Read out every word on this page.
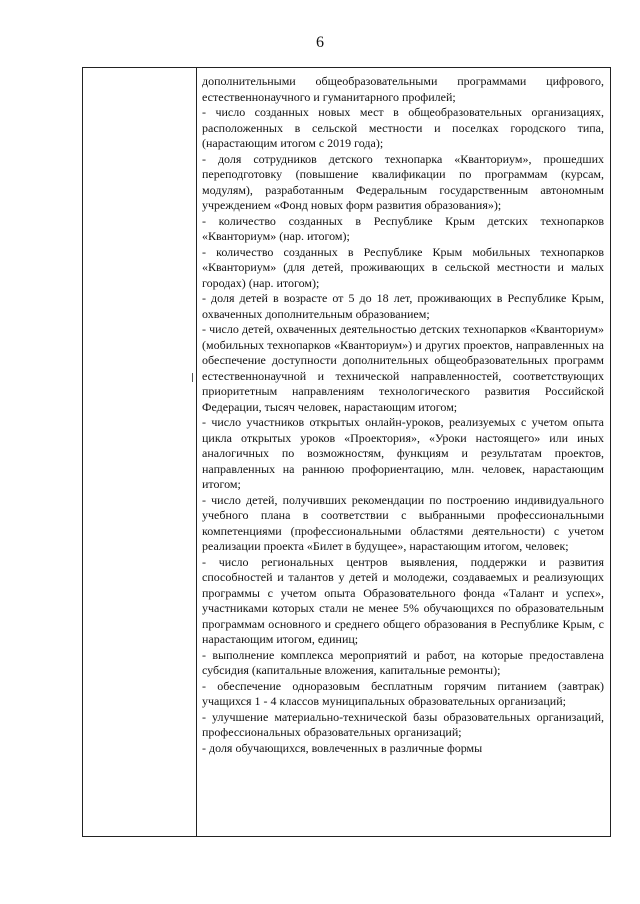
6

дополнительными общеобразовательными программами цифрового, естественнонаучного и гуманитарного профилей;

- число созданных новых мест в общеобразовательных организациях, расположенных в сельской местности и поселках городского типа, (нарастающим итогом с 2019 года);

- доля сотрудников детского технопарка «Кванториум», прошедших переподготовку (повышение квалификации по программам (курсам, модулям), разработанным Федеральным государственным автономным учреждением «Фонд новых форм развития образования»);

- количество созданных в Республике Крым детских технопарков «Кванториум» (нар. итогом);

- количество созданных в Республике Крым мобильных технопарков «Кванториум» (для детей, проживающих в сельской местности и малых городах) (нар. итогом);

- доля детей в возрасте от 5 до 18 лет, проживающих в Республике Крым, охваченных дополнительным образованием;

- число детей, охваченных деятельностью детских технопарков «Кванториум» (мобильных технопарков «Кванториум») и других проектов, направленных на обеспечение доступности дополнительных общеобразовательных программ естественнонаучной и технической направленностей, соответствующих приоритетным направлениям технологического развития Российской Федерации, тысяч человек, нарастающим итогом;

- число участников открытых онлайн-уроков, реализуемых с учетом опыта цикла открытых уроков «Проектория», «Уроки настоящего» или иных аналогичных по возможностям, функциям и результатам проектов, направленных на раннюю профориентацию, млн. человек, нарастающим итогом;

- число детей, получивших рекомендации по построению индивидуального учебного плана в соответствии с выбранными профессиональными компетенциями (профессиональными областями деятельности) с учетом реализации проекта «Билет в будущее», нарастающим итогом, человек;

- число региональных центров выявления, поддержки и развития способностей и талантов у детей и молодежи, создаваемых и реализующих программы с учетом опыта Образовательного фонда «Талант и успех», участниками которых стали не менее 5% обучающихся по образовательным программам основного и среднего общего образования в Республике Крым, с нарастающим итогом, единиц;

- выполнение комплекса мероприятий и работ, на которые предоставлена субсидия (капитальные вложения, капитальные ремонты);

- обеспечение одноразовым бесплатным горячим питанием (завтрак) учащихся 1 - 4 классов муниципальных образовательных организаций;

- улучшение материально-технической базы образовательных организаций, профессиональных образовательных организаций;

- доля обучающихся, вовлеченных в различные формы
